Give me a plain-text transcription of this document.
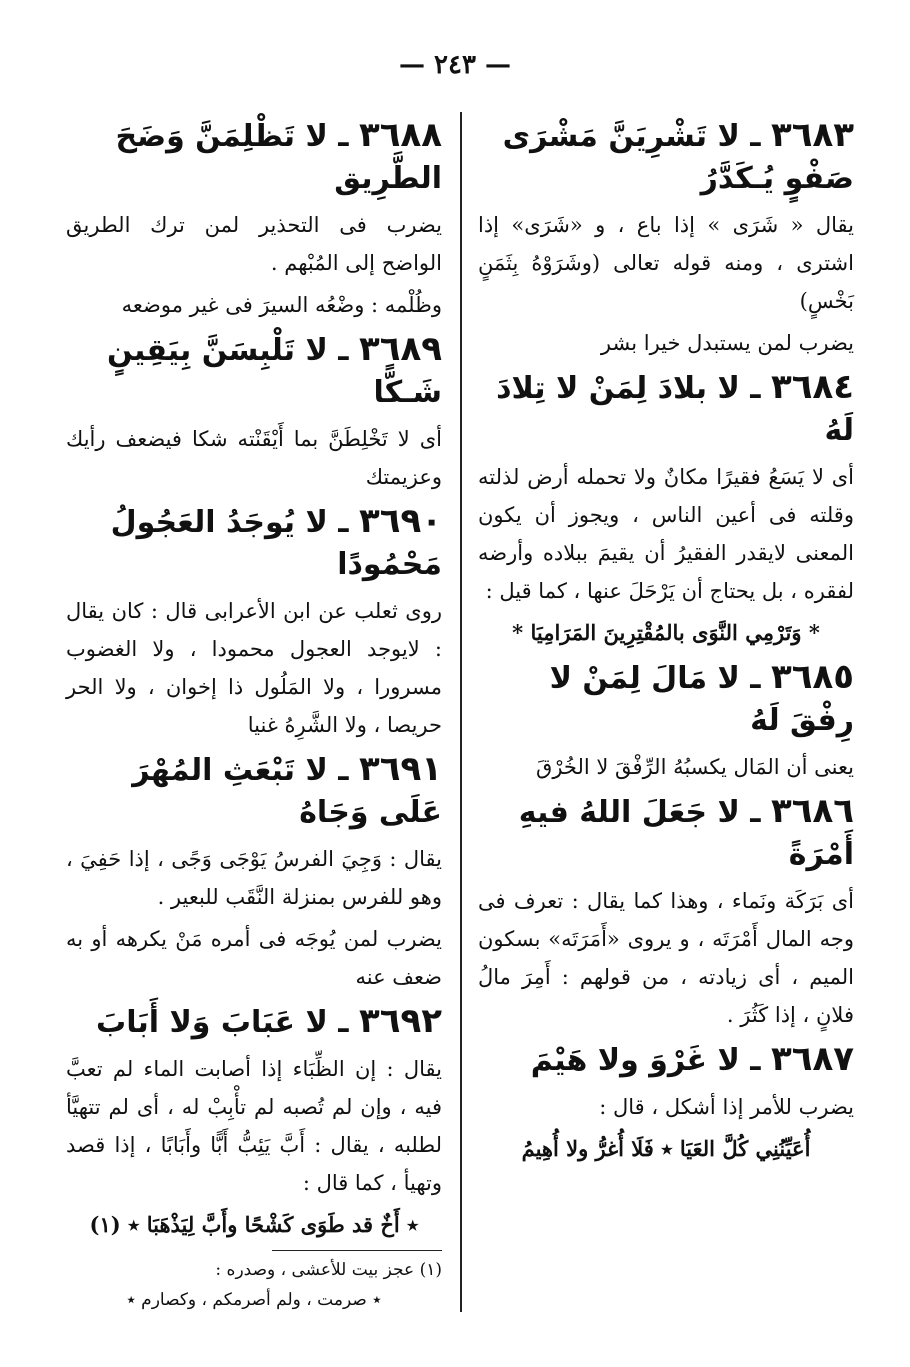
— ٢٤٣ —
٣٦٨٣ ـ لا تَشْرِيَنَّ مَشْرَى صَفْوٍ يُـكَدَّرُ

يقال « شَرَى » إذا باع ، و «شَرَى» إذا اشترى ، ومنه قوله تعالى (وشَرَوْهُ بِثَمَنٍ بَخْسٍ)

يضرب لمن يستبدل خيرا بشر

٣٦٨٤ ـ لا بلادَ لِمَنْ لا تِلادَ لَهُ

أى لا يَسَعُ فقيرًا مكانٌ ولا تحمله أرض لذلته وقلته فى أعين الناس ، ويجوز أن يكون المعنى لايقدر الفقيرُ أن يقيمَ ببلاده وأرضه لفقره ، بل يحتاج أن يَرْحَلَ عنها ، كما قيل :

* وَتَرْمِي النَّوَى بالمُقْتِرِينَ المَرَامِيَا *
٣٦٨٥ ـ لا مَالَ لِمَنْ لا رِفْقَ لَهُ

يعنى أن المَال يكسبُهُ الرِّفْقَ لا الخُرْقَ

٣٦٨٦ ـ لا جَعَلَ اللهُ فيهِ أَمْرَةً

أى بَرَكَة ونَماء ، وهذا كما يقال : تعرف فى وجه المال أَمْرَتَه ، و يروى «أَمَرَتَه» بسكون الميم ، أى زيادته ، من قولهم : أَمِرَ مالُ فلانٍ ، إذا كَثُرَ .

٣٦٨٧ ـ لا غَرْوَ ولا هَيْمَ

يضرب للأمر إذا أشكل ، قال :

أُعَيِّنُنِي كُلَّ العَيَا ٭ فَلَا أُغرُّ ولا أُهِيمُ
٣٦٨٨ ـ لا تَظْلِمَنَّ وَضَحَ الطَّرِيق

يضرب فى التحذير لمن ترك الطريق الواضح إلى المُبْهم .

وظُلْمه : وضْعُه السيرَ فى غير موضعه

٣٦٨٩ ـ لا تَلْبِسَنَّ بِيَقِينٍ شَـكًّا

أى لا تَخْلِطَنَّ بما أَيْقَنْته شكا فيضعف رأيك وعزيمتك

٣٦٩٠ ـ لا يُوجَدُ العَجُولُ مَحْمُودًا

روى ثعلب عن ابن الأعرابى قال : كان يقال : لايوجد العجول محمودا ، ولا الغضوب مسرورا ، ولا المَلُول ذا إخوان ، ولا الحر حريصا ، ولا الشَّرِهُ غنيا

٣٦٩١ ـ لا تَبْعَثِ المُهْرَ عَلَى وَجَاهُ

يقال : وَجِيَ الفرسُ يَوْجَى وَجًى ، إذا حَفِيَ ، وهو للفرس بمنزلة النَّقَب للبعير .

يضرب لمن يُوجَه فى أمره مَنْ يكرهه أو به ضعف عنه

٣٦٩٢ ـ لا عَبَابَ وَلا أَبَابَ

يقال : إن الظِّبَاء إذا أصابت الماء لم تعبَّ فيه ، وإن لم تُصبه لم تأْبِبْ له ، أى لم تتهيَّأ لطلبه ، يقال : أَبَّ يَئِبُّ أَبًّا وأَبَابًا ، إذا قصد وتهيأ ، كما قال :

٭ أَخٌ قد طَوَى كَشْحًا وأَبَّ لِيَذْهَبَا ٭ (١)

(١) عجز بيت للأعشى ، وصدره :

٭ صرمت ، ولم أصرمكم ، وكصارم ٭
